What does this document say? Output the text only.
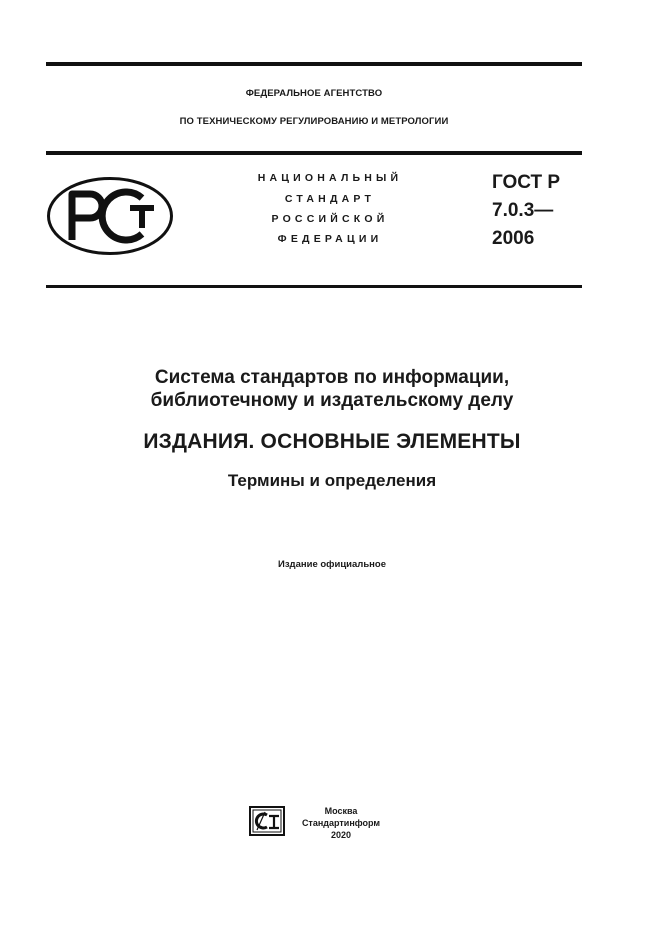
ФЕДЕРАЛЬНОЕ АГЕНТСТВО
ПО ТЕХНИЧЕСКОМУ РЕГУЛИРОВАНИЮ И МЕТРОЛОГИИ
НАЦИОНАЛЬНЫЙ
СТАНДАРТ
РОССИЙСКОЙ
ФЕДЕРАЦИИ
ГОСТ Р
7.0.3—
2006
Система стандартов по информации,
библиотечному и издательскому делу
ИЗДАНИЯ. ОСНОВНЫЕ ЭЛЕМЕНТЫ
Термины и определения
Издание официальное
Москва
Стандартинформ
2020
